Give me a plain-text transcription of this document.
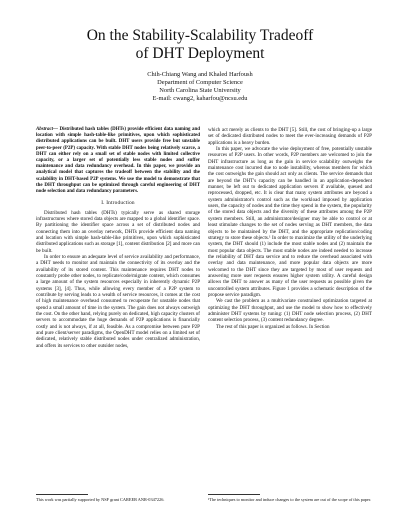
On the Stability-Scalability Tradeoff
of DHT Deployment
Chih-Chiang Wang and Khaled Harfoush
Department of Computer Science
North Carolina State University
E-mail: cwang2, kaharfou@ncsu.edu

Abstract— Distributed hash tables (DHTs) provide efficient data naming and location with simple hash-table-like primitives, upon which sophisticated distributed applications can be built. DHT users provide free but unstable peer-to-peer (P2P) capacity. With stable DHT nodes being relatively scarce, a DHT can either rely on a small set of stable nodes with limited collective capacity, or a larger set of potentially less stable nodes and suffer maintenance and data redundancy overhead. In this paper, we provide an analytical model that captures the tradeoff between the stability and the scalability in DHT-based P2P systems. We use the model to demonstrate that the DHT throughput can be optimized through careful engineering of DHT node selection and data redundancy parameters.

I. Introduction

Distributed hash tables (DHTs) typically serve as shared storage infrastructures where stored data objects are mapped to a global identifier space. By partitioning the identifier space across a set of distributed nodes and connecting them into an overlay network, DHTs provide efficient data naming and location with simple hash-table-like primitives, upon which sophisticated distributed applications such as storage [1], content distribution [2] and more can be built.

In order to ensure an adequate level of service availability and performance, a DHT needs to monitor and maintain the connectivity of its overlay and the availability of its stored content. This maintenance requires DHT nodes to constantly probe other nodes, to replicate/code/migrate content, which consumes a large amount of the system resources especially in inherently dynamic P2P systems [3], [4]. Thus, while allowing every member of a P2P system to contribute by serving leads to a wealth of service resources, it comes at the cost of high maintenance overhead consumed to recuperate for unstable nodes that spend a small amount of time in the system. The gain does not always outweigh the cost. On the other hand, relying purely on dedicated, high capacity clusters of servers to accommodate the huge demands of P2P applications is financially costly and is not always, if at all, feasible. As a compromise between pure P2P and pure client/server paradigms, the OpenDHT model relies on a limited set of dedicated, relatively stable distributed nodes under centralized administration, and offers its services to other outsider nodes,

which act merely as clients to the DHT [5]. Still, the cost of bringing-up a large set of dedicated distributed nodes to meet the ever-increasing demands of P2P applications is a heavy burden.

In this paper, we advocate the wise deployment of free, potentially unstable resources of P2P users. In other words, P2P members are welcomed to join the DHT infrastructure as long as the gain in service scalability outweighs the maintenance cost incurred due to node instability, whereas members for which the cost outweighs the gain should act only as clients. The service demands that are beyond the DHT's capacity can be handled in an application-dependent manner, be left out to dedicated application servers if available, queued and reprocessed, dropped, etc. It is clear that many system attributes are beyond a system administrator's control such as the workload imposed by application users, the capacity of nodes and the time they spend in the system, the popularity of the stored data objects and the diversity of these attributes among the P2P system members. Still, an administrator/designer may be able to control or at least stimulate changes to the set of nodes serving as DHT members, the data objects to be maintained by the DHT, and the appropriate replication/coding strategy to store these objects.¹ In order to maximize the utility of the underlying system, the DHT should (1) include the most stable nodes and (2) maintain the most popular data objects. The most stable nodes are indeed needed to increase the reliability of DHT data service and to reduce the overhead associated with overlay and data maintenance, and more popular data objects are more welcomed to the DHT since they are targeted by most of user requests and answering more user requests ensures higher system utility. A careful design allows the DHT to answer as many of the user requests as possible given the uncontrolled system attributes. Figure 1 provides a schematic description of the propose service paradigm.

We cast the problem as a multivariate constrained optimization targeted at optimizing the DHT throughput, and use the model to show how to effectively administer DHT systems by tuning: (1) DHT node selection process, (2) DHT content selection process, (3) content redundancy degree.

The rest of this paper is organized as follows. In Section

This work was partially supported by NSF grant CAREER ANR-0347226.	¹The techniques to monitor and induce changes to the system are out of the scope of this paper.
